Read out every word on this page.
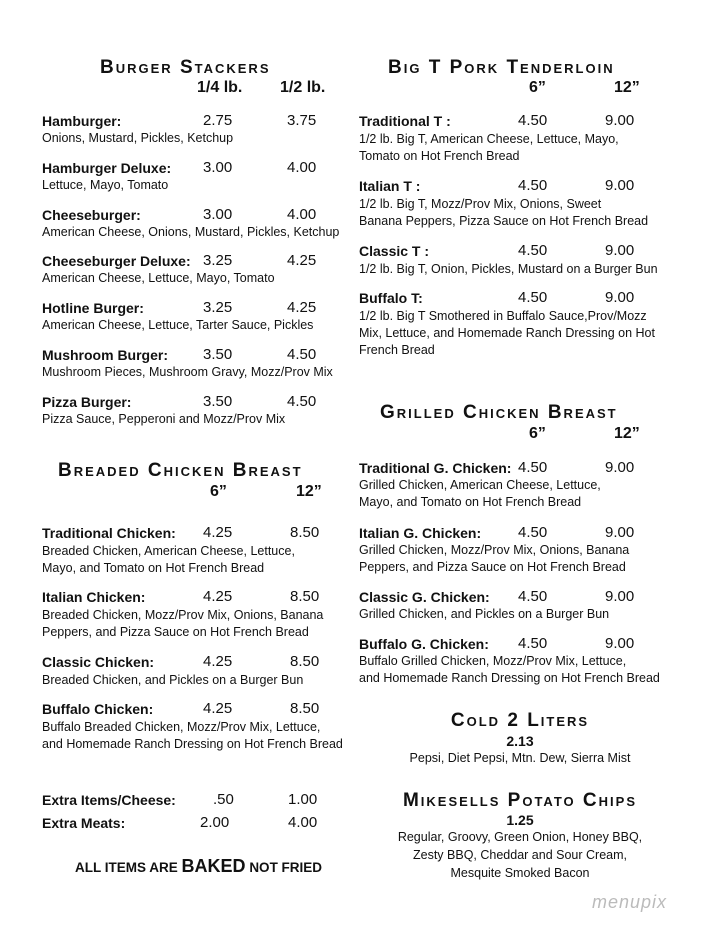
Burger Stackers
1/4 lb. 1/2 lb.
Hamburger:	2.75	3.75
Onions, Mustard, Pickles, Ketchup
Hamburger Deluxe: 3.00	4.00
Lettuce, Mayo, Tomato
Cheeseburger:	3.00	4.00
American Cheese, Onions, Mustard, Pickles, Ketchup
Cheeseburger Deluxe: 3.25	4.25
American Cheese, Lettuce, Mayo, Tomato
Hotline Burger:	3.25	4.25
American Cheese, Lettuce, Tarter Sauce, Pickles
Mushroom Burger: 3.50	4.50
Mushroom Pieces, Mushroom Gravy, Mozz/Prov Mix
Pizza Burger:	3.50	4.50
Pizza Sauce, Pepperoni and Mozz/Prov Mix
Breaded Chicken Breast
6”	12”
Traditional Chicken: 4.25	8.50
Breaded Chicken, American Cheese, Lettuce,
Mayo, and Tomato on Hot French Bread
Italian Chicken:	4.25	8.50
Breaded Chicken, Mozz/Prov Mix, Onions, Banana
Peppers, and Pizza Sauce on Hot French Bread
Classic Chicken:	4.25	8.50
Breaded Chicken, and Pickles on a Burger Bun
Buffalo Chicken:	4.25	8.50
Buffalo Breaded Chicken, Mozz/Prov Mix, Lettuce,
and Homemade Ranch Dressing on Hot French Bread
Extra Items/Cheese: .50	1.00
Extra Meats:	2.00	4.00
ALL ITEMS ARE BAKED NOT FRIED
Big T Pork Tenderloin
6”	12”
Traditional T :	4.50	9.00
1/2 lb. Big T, American Cheese, Lettuce, Mayo,
Tomato on Hot French Bread
Italian T :	4.50	9.00
1/2 lb. Big T, Mozz/Prov Mix, Onions, Sweet
Banana Peppers, Pizza Sauce on Hot French Bread
Classic T :	4.50	9.00
1/2 lb. Big T, Onion, Pickles, Mustard on a Burger Bun
Buffalo T:	4.50	9.00
1/2 lb. Big T Smothered in Buffalo Sauce,Prov/Mozz
Mix, Lettuce, and Homemade Ranch Dressing on Hot
French Bread
Grilled Chicken Breast
6”	12”
Traditional G. Chicken: 4.50	9.00
Grilled Chicken, American Cheese, Lettuce,
Mayo, and Tomato on Hot French Bread
Italian G. Chicken: 4.50	9.00
Grilled Chicken, Mozz/Prov Mix, Onions, Banana
Peppers, and Pizza Sauce on Hot French Bread
Classic G. Chicken: 4.50	9.00
Grilled Chicken, and Pickles on a Burger Bun
Buffalo G. Chicken: 4.50	9.00
Buffalo Grilled Chicken, Mozz/Prov Mix, Lettuce,
and Homemade Ranch Dressing on Hot French Bread
Cold 2 Liters
2.13
Pepsi, Diet Pepsi, Mtn. Dew, Sierra Mist
Mikesells Potato Chips
1.25
Regular, Groovy, Green Onion, Honey BBQ,
Zesty BBQ, Cheddar and Sour Cream,
Mesquite Smoked Bacon
menupix
